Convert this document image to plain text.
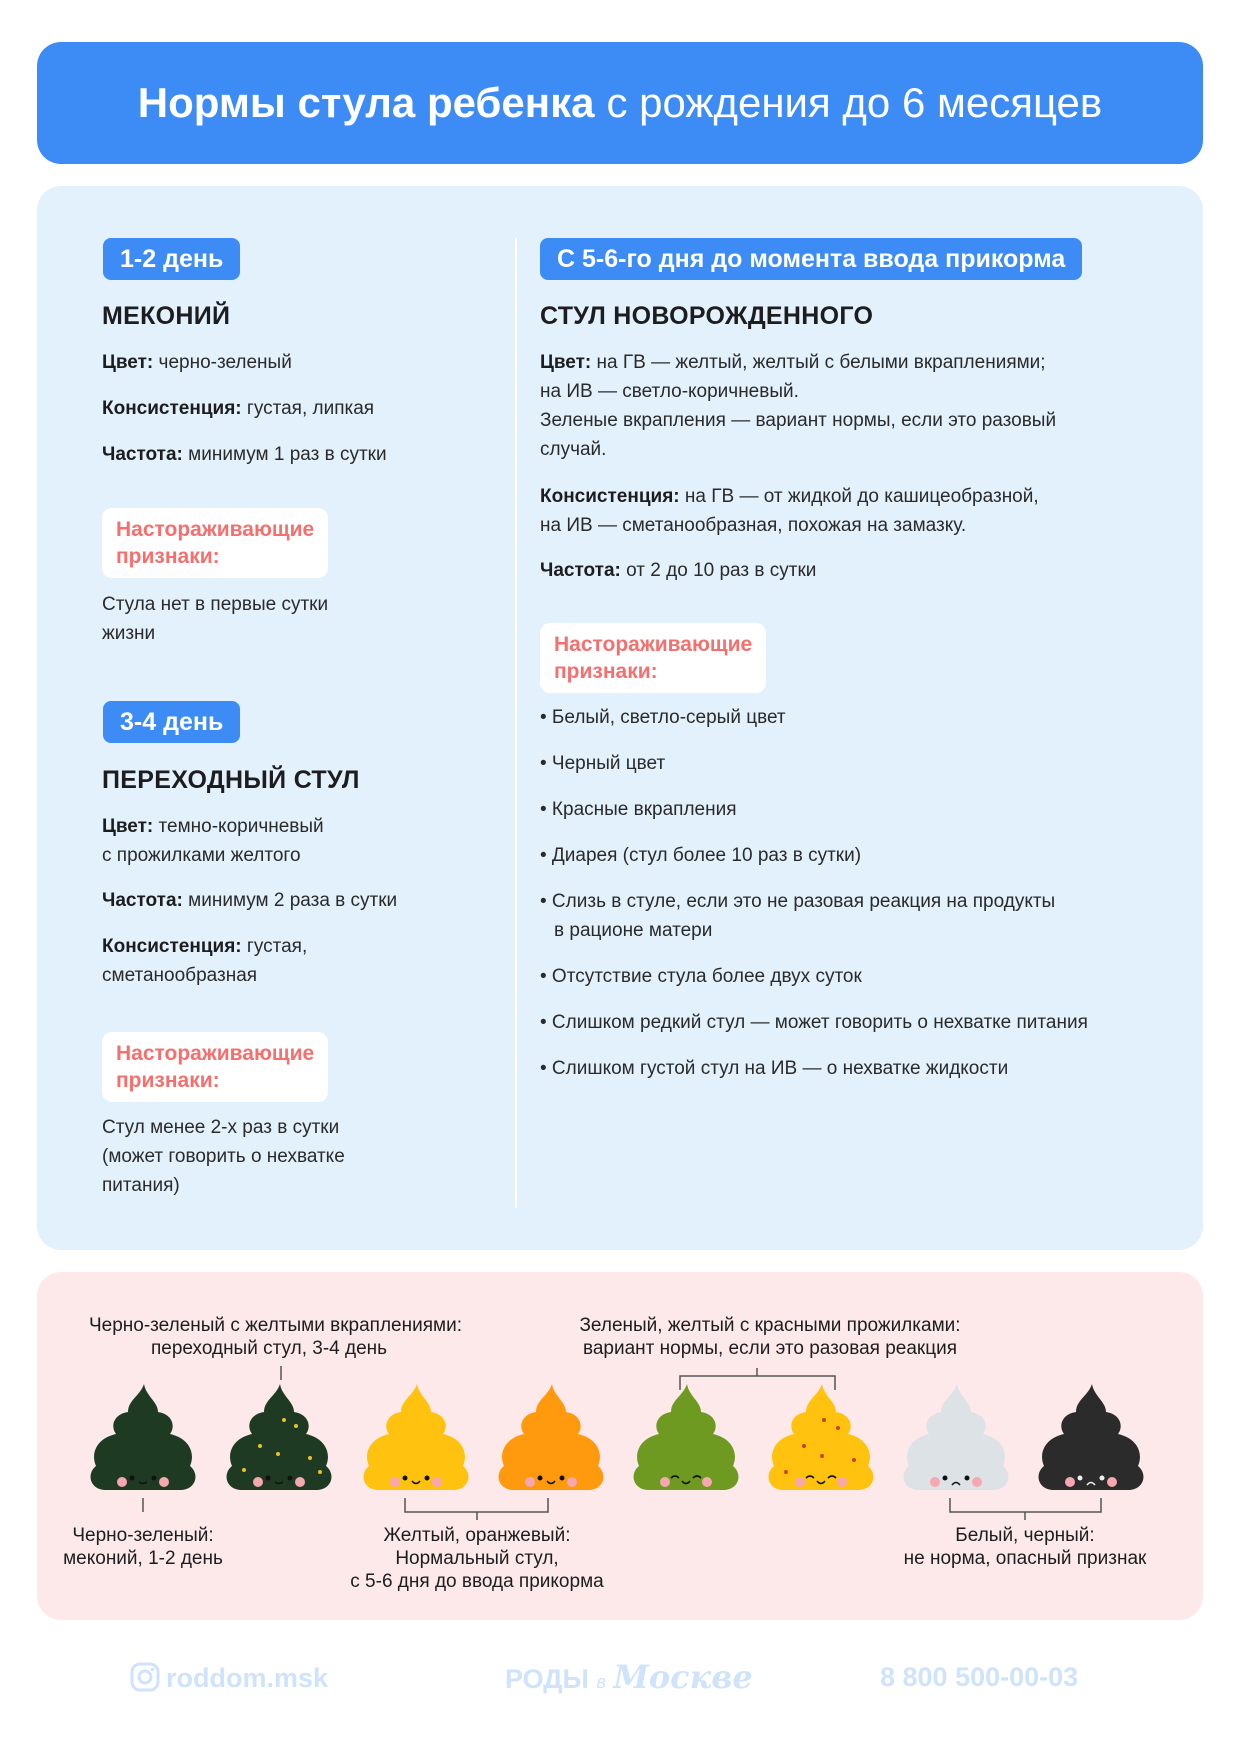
Нормы стула ребенка с рождения до 6 месяцев
1-2 день
МЕКОНИЙ
Цвет: черно-зеленый
Консистенция: густая, липкая
Частота: минимум 1 раз в сутки
Настораживающие
признаки:
Стула нет в первые сутки
жизни
3-4 день
ПЕРЕХОДНЫЙ СТУЛ
Цвет: темно-коричневый
с прожилками желтого
Частота: минимум 2 раза в сутки
Консистенция: густая,
сметанообразная
Настораживающие
признаки:
Стул менее 2-х раз в сутки
(может говорить о нехватке
питания)
С 5-6-го дня до момента ввода прикорма
СТУЛ НОВОРОЖДЕННОГО
Цвет: на ГВ — желтый, желтый с белыми вкраплениями;
на ИВ — светло-коричневый.
Зеленые вкрапления — вариант нормы, если это разовый
случай.
Консистенция: на ГВ — от жидкой до кашицеобразной,
на ИВ — сметанообразная, похожая на замазку.
Частота: от 2 до 10 раз в сутки
Настораживающие
признаки:
• Белый, светло-серый цвет
• Черный цвет
• Красные вкрапления
• Диарея (стул более 10 раз в сутки)
• Слизь в стуле, если это не разовая реакция на продукты
в рационе матери
• Отсутствие стула более двух суток
• Слишком редкий стул — может говорить о нехватке питания
• Слишком густой стул на ИВ — о нехватке жидкости
Черно-зеленый с желтыми вкраплениями:
переходный стул, 3-4 день
Зеленый, желтый с красными прожилками:
вариант нормы, если это разовая реакция
Черно-зеленый:
меконий, 1-2 день
Желтый, оранжевый:
Нормальный стул,
с 5-6 дня до ввода прикорма
Белый, черный:
не норма, опасный признак
roddom.msk	РОДЫ в Москве	8 800 500-00-03
